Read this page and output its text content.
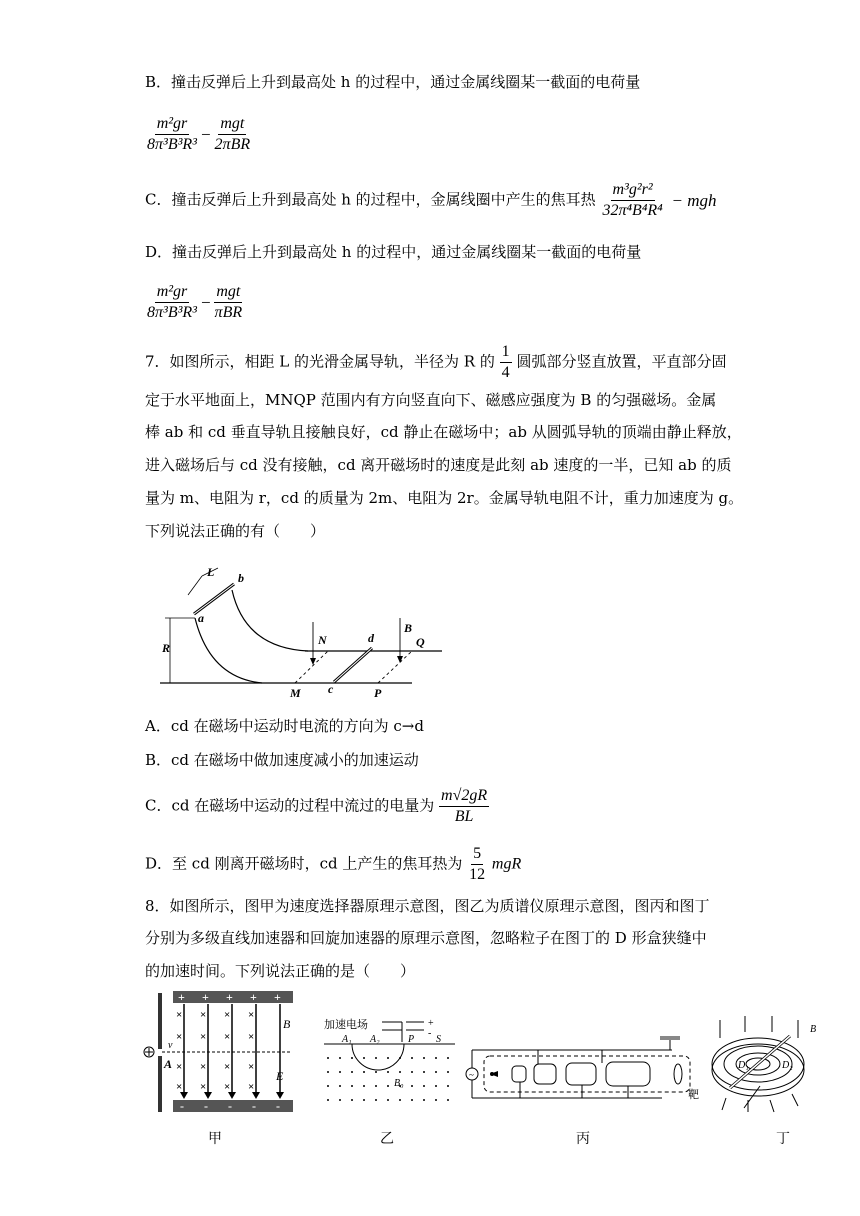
B．撞击反弹后上升到最高处 h 的过程中，通过金属线圈某一截面的电荷量
$\frac{\text{m²gr}}{\text{8π³B³R³}} - \frac{\text{mgt}}{\text{2πBR}}$
C．撞击反弹后上升到最高处 h 的过程中，金属线圈中产生的焦耳热 $\frac{\text{m³g²r²}}{\text{32π⁴B⁴R⁴}}$ − mgh
D．撞击反弹后上升到最高处 h 的过程中，通过金属线圈某一截面的电荷量
$\frac{\text{m²gr}}{\text{8π³B³R³}} - \frac{\text{mgt}}{\text{πBR}}$
7．如图所示，相距 L 的光滑金属导轨，半径为 R 的 $\frac{1}{4}$ 圆弧部分竖直放置，平直部分固
定于水平地面上，MNQP 范围内有方向竖直向下、磁感应强度为 B 的匀强磁场。金属
棒 ab 和 cd 垂直导轨且接触良好，cd 静止在磁场中；ab 从圆弧导轨的顶端由静止释放，
进入磁场后与 cd 没有接触，cd 离开磁场时的速度是此刻 ab 速度的一半，已知 ab 的质
量为 m、电阻为 r，cd 的质量为 2m、电阻为 2r。金属导轨电阻不计，重力加速度为 g。
下列说法正确的有（　　）
L b
a
R
N	d	Q
B
M c	P
A．cd 在磁场中运动时电流的方向为 c→d
B．cd 在磁场中做加速度减小的加速运动
C．cd 在磁场中运动的过程中流过的电量为 $\frac{m√2gR}{BL}$
D．至 cd 刚离开磁场时，cd 上产生的焦耳热为 $\frac{5}{12}$ mgR
8．如图所示，图甲为速度选择器原理示意图，图乙为质谱仪原理示意图，图丙和图丁
分别为多级直线加速器和回旋加速器的原理示意图，忽略粒子在图丁的 D 形盒狭缝中
的加速时间。下列说法正确的是（　　）
+ + + + +
- - - - -
× × × ×
× × × ×
× × × ×
× × × ×
B
A
v
E
加速电场	+
-
A₁ A₂	P S
B₀
~
靶
B
D₁	D₂
甲	乙	丙	丁
